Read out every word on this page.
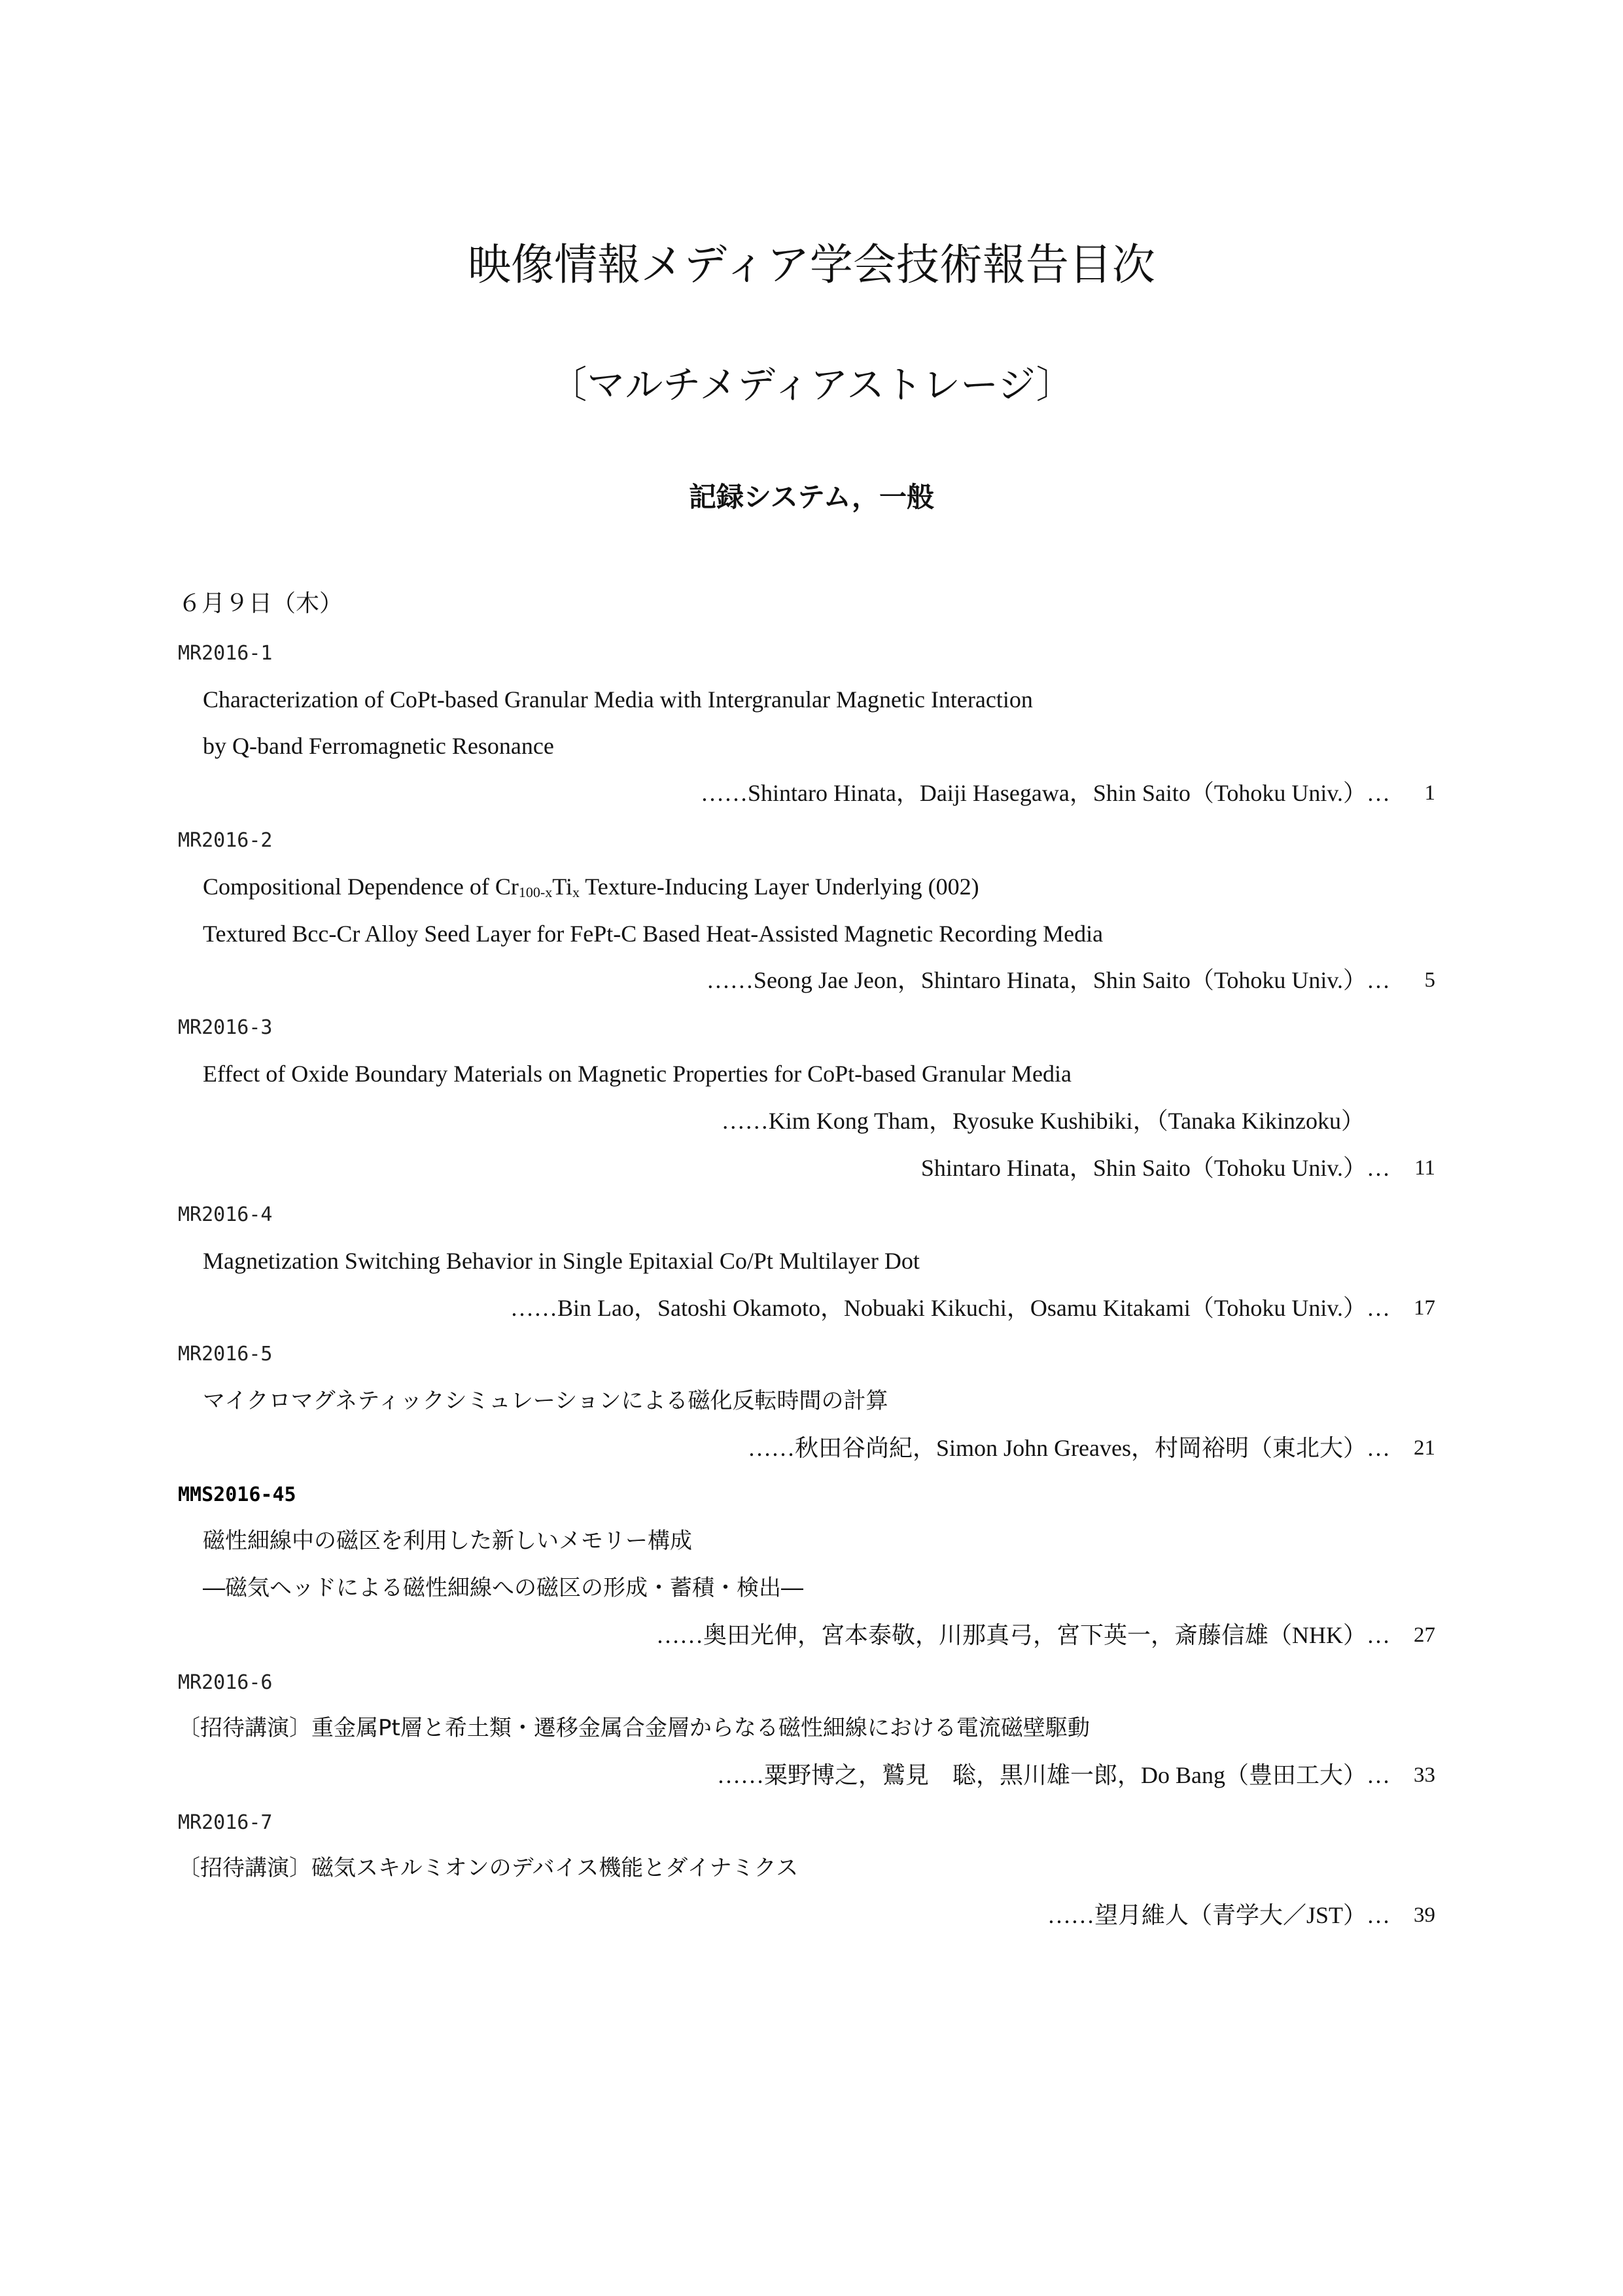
映像情報メディア学会技術報告目次
〔マルチメディアストレージ〕
記録システム，一般
６月９日（木）
MR2016-1
Characterization of CoPt-based Granular Media with Intergranular Magnetic Interaction
by Q-band Ferromagnetic Resonance
……Shintaro Hinata，Daiji Hasegawa，Shin Saito（Tohoku Univ.）… 1
MR2016-2
Compositional Dependence of $Cr_{100-x}Ti_x$ Texture-Inducing Layer Underlying (002)
Textured Bcc-Cr Alloy Seed Layer for FePt-C Based Heat-Assisted Magnetic Recording Media
……Seong Jae Jeon，Shintaro Hinata，Shin Saito（Tohoku Univ.）… 5
MR2016-3
Effect of Oxide Boundary Materials on Magnetic Properties for CoPt-based Granular Media
……Kim Kong Tham，Ryosuke Kushibiki，（Tanaka Kikinzoku）
Shintaro Hinata，Shin Saito（Tohoku Univ.）… 11
MR2016-4
Magnetization Switching Behavior in Single Epitaxial Co/Pt Multilayer Dot
……Bin Lao，Satoshi Okamoto，Nobuaki Kikuchi，Osamu Kitakami（Tohoku Univ.）… 17
MR2016-5
マイクロマグネティックシミュレーションによる磁化反転時間の計算
……秋田谷尚紀，Simon John Greaves，村岡裕明（東北大）… 21
MMS2016-45
磁性細線中の磁区を利用した新しいメモリー構成
―磁気ヘッドによる磁性細線への磁区の形成・蓄積・検出―
……奥田光伸，宮本泰敬，川那真弓，宮下英一，斎藤信雄（NHK）… 27
MR2016-6
〔招待講演〕重金属Pt層と希土類・遷移金属合金層からなる磁性細線における電流磁壁駆動
……粟野博之，鷲見　聡，黒川雄一郎，Do Bang（豊田工大）… 33
MR2016-7
〔招待講演〕磁気スキルミオンのデバイス機能とダイナミクス
……望月維人（青学大／JST）… 39
